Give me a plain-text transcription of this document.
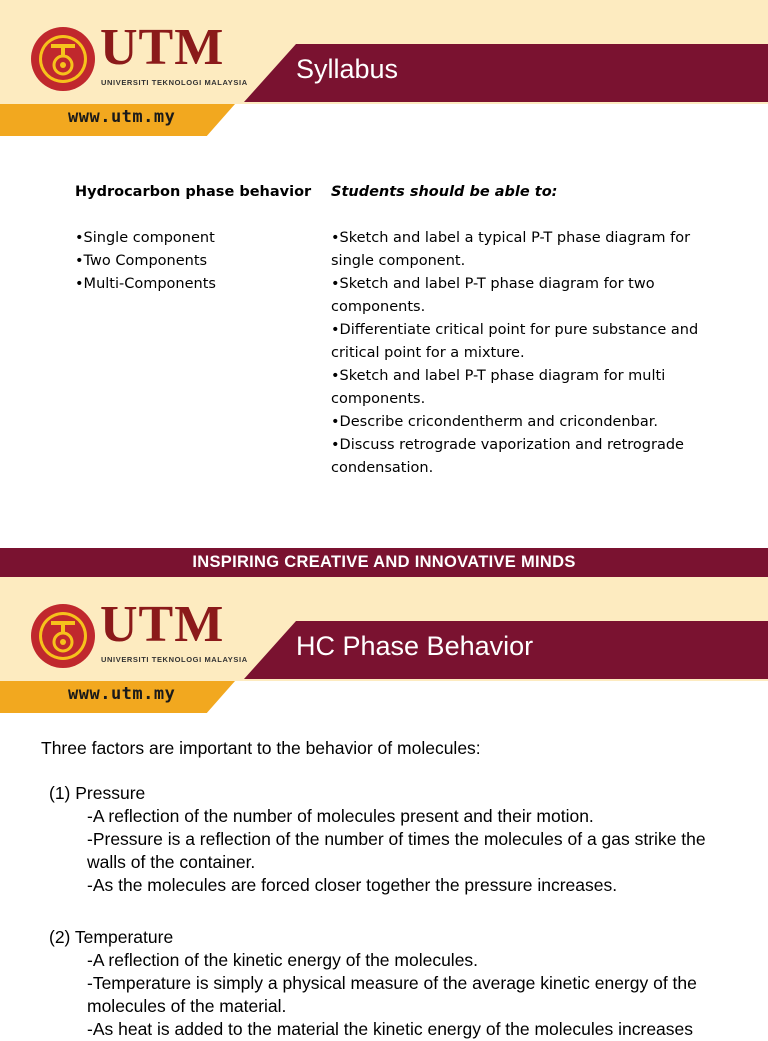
www.utm.my
Syllabus
UTM
UNIVERSITI TEKNOLOGI MALAYSIA
Hydrocarbon phase behavior
•Single component
•Two Components
•Multi-Components
Students should be able to:
•Sketch and label a typical P-T phase diagram for single component.
•Sketch and label P-T phase diagram for two components.
•Differentiate critical point for pure substance and critical point for a mixture.
•Sketch and label P-T phase diagram for multi components.
•Describe cricondentherm and cricondenbar.
•Discuss retrograde vaporization and retrograde condensation.
INSPIRING CREATIVE AND INNOVATIVE MINDS
www.utm.my
HC Phase Behavior
UTM
UNIVERSITI TEKNOLOGI MALAYSIA
Three factors are important to the behavior of molecules:
(1) Pressure
-A reflection of the number of molecules present and their motion.
-Pressure is a reflection of the number of times the molecules of a gas strike the walls of the container.
-As the molecules are forced closer together the pressure increases.
(2) Temperature
-A reflection of the kinetic energy of the molecules.
-Temperature is simply a physical measure of the average kinetic energy of the molecules of the material.
-As heat is added to the material the kinetic energy of the molecules increases
